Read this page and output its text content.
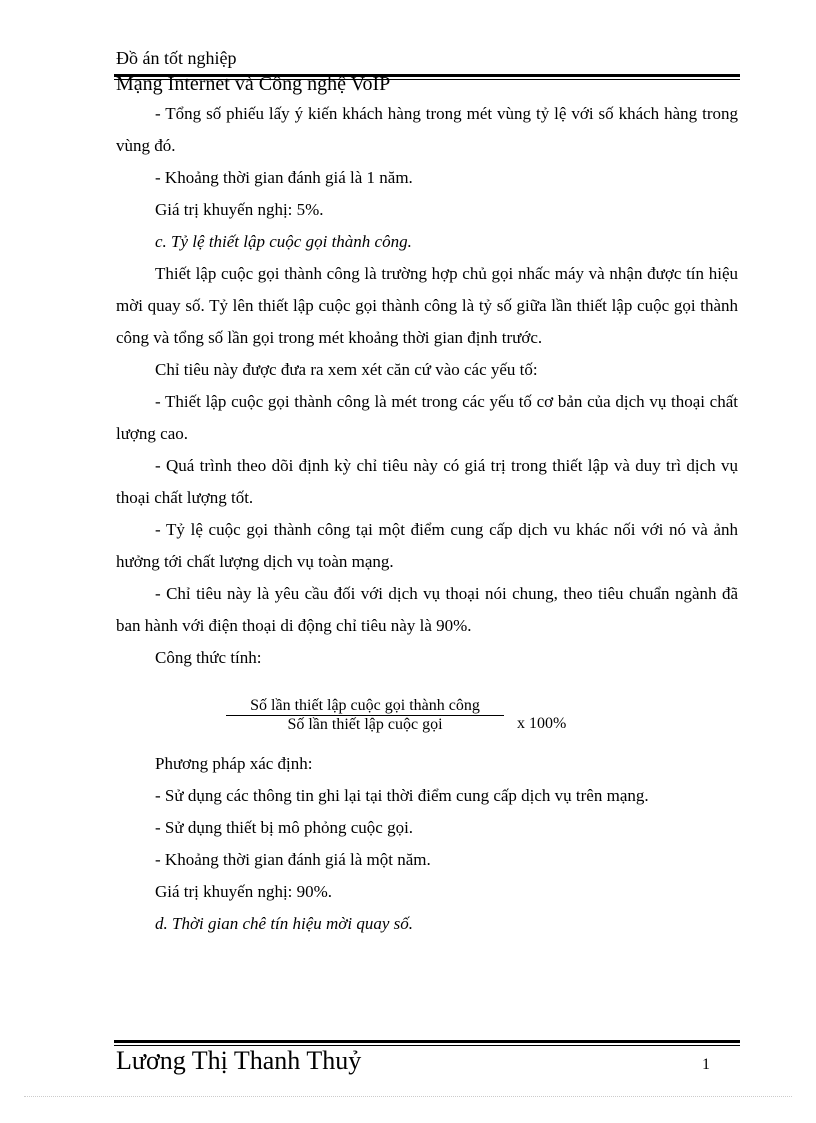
Đồ án tốt nghiệp
Mạng Internet và Công nghệ VoIP

- Tổng số phiếu lấy ý kiến khách hàng trong mét vùng tỷ lệ với số khách hàng trong vùng đó.

- Khoảng thời gian đánh giá là 1 năm.

Giá trị khuyến nghị: 5%.

c. Tỷ lệ thiết lập cuộc gọi thành công.

Thiết lập cuộc gọi thành công là trường hợp chủ gọi nhấc máy và nhận được tín hiệu mời quay số. Tỷ lên thiết lập cuộc gọi thành công là tỷ số giữa lần thiết lập cuộc gọi thành công và tổng số lần gọi trong mét khoảng thời gian định trước.

Chỉ tiêu này được đưa ra xem xét căn cứ vào các yếu tố:

- Thiết lập cuộc gọi thành công là mét trong các yếu tố cơ bản của dịch vụ thoại chất lượng cao.

- Quá trình theo dõi định kỳ chỉ tiêu này có giá trị trong thiết lập và duy trì dịch vụ thoại chất lượng tốt.

- Tỷ lệ cuộc gọi thành công tại một điểm cung cấp dịch vu khác nối với nó và ảnh hưởng tới chất lượng dịch vụ toàn mạng.

- Chỉ tiêu này là yêu cầu đối với dịch vụ thoại nói chung, theo tiêu chuẩn ngành đã ban hành với điện thoại di động chỉ tiêu này là 90%.

Công thức tính:

Số lần thiết lập cuộc gọi thành công
Số lần thiết lập cuộc gọi	x 100%

Phương pháp xác định:

- Sử dụng các thông tin ghi lại tại thời điểm cung cấp dịch vụ trên mạng.

- Sử dụng thiết bị mô phỏng cuộc gọi.

- Khoảng thời gian đánh giá là một năm.

Giá trị khuyến nghị: 90%.

d. Thời gian chê tín hiệu mời quay số.

Lương Thị Thanh Thuỷ	1
